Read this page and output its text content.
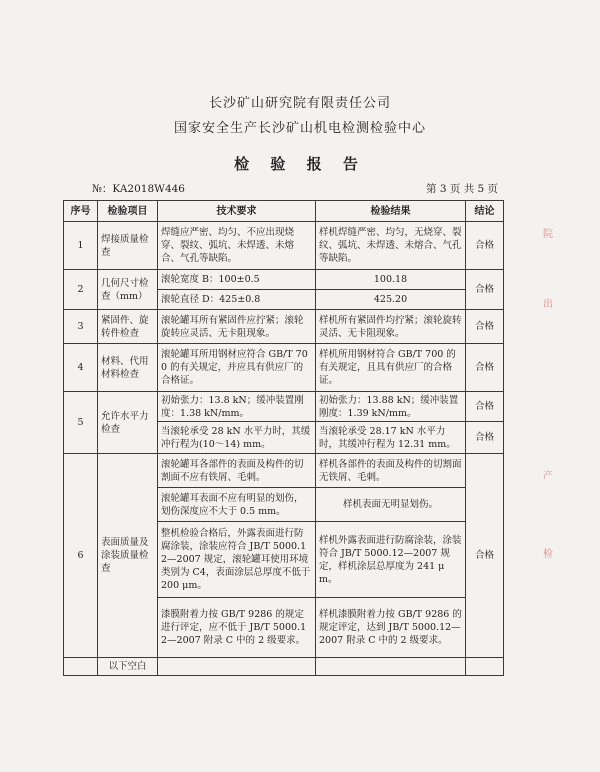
长沙矿山研究院有限责任公司
国家安全生产长沙矿山机电检测检验中心
检 验 报 告
№：KA2018W446	第 3 页 共 5 页
序号	检验项目	技术要求	检验结果	结论
1	焊接质量检查	焊缝应严密、均匀、不应出现烧穿、裂纹、弧坑、未焊透、未熔合、气孔等缺陷。	样机焊缝严密、均匀，无烧穿、裂纹、弧坑、未焊透、未熔合、气孔等缺陷。	合格
2	几何尺寸检查（mm）	滚轮宽度 B：100±0.5	100.18	合格
		滚轮直径 D：425±0.8	425.20	
3	紧固件、旋转件检查	滚轮罐耳所有紧固件应拧紧；滚轮旋转应灵活、无卡阻现象。	样机所有紧固件均拧紧；滚轮旋转灵活、无卡阻现象。	合格
4	材料、代用材料检查	滚轮罐耳所用钢材应符合 GB/T 700 的有关规定，并应具有供应厂的合格证。	样机所用钢材符合 GB/T 700 的有关规定，且具有供应厂的合格证。	合格
5	允许水平力检查	初始张力：13.8 kN；缓冲装置刚度：1.38 kN/mm。	初始张力：13.88 kN；缓冲装置刚度：1.39 kN/mm。	合格
		当滚轮承受 28 kN 水平力时，其缓冲行程为(10～14) mm。	当滚轮承受 28.17 kN 水平力时，其缓冲行程为 12.31 mm。	合格
6	表面质量及涂装质量检查	滚轮罐耳各部件的表面及构件的切割面不应有铁屑、毛刺。	样机各部件的表面及构件的切割面无铁屑、毛刺。	合格
		滚轮罐耳表面不应有明显的划伤，划伤深度应不大于 0.5 mm。	样机表面无明显划伤。	
		整机检验合格后，外露表面进行防腐涂装，涂装应符合 JB/T 5000.12—2007 规定，滚轮罐耳使用环境类别为 C4，表面涂层总厚度不低于 200 μm。	样机外露表面进行防腐涂装，涂装符合 JB/T 5000.12—2007 规定，样机涂层总厚度为 241 μm。	
		漆膜附着力按 GB/T 9286 的规定进行评定，应不低于 JB/T 5000.12—2007 附录 C 中的 2 级要求。	样机漆膜附着力按 GB/T 9286 的规定评定，达到 JB/T 5000.12—2007 附录 C 中的 2 级要求。	
	以下空白			
院
出
产
检
